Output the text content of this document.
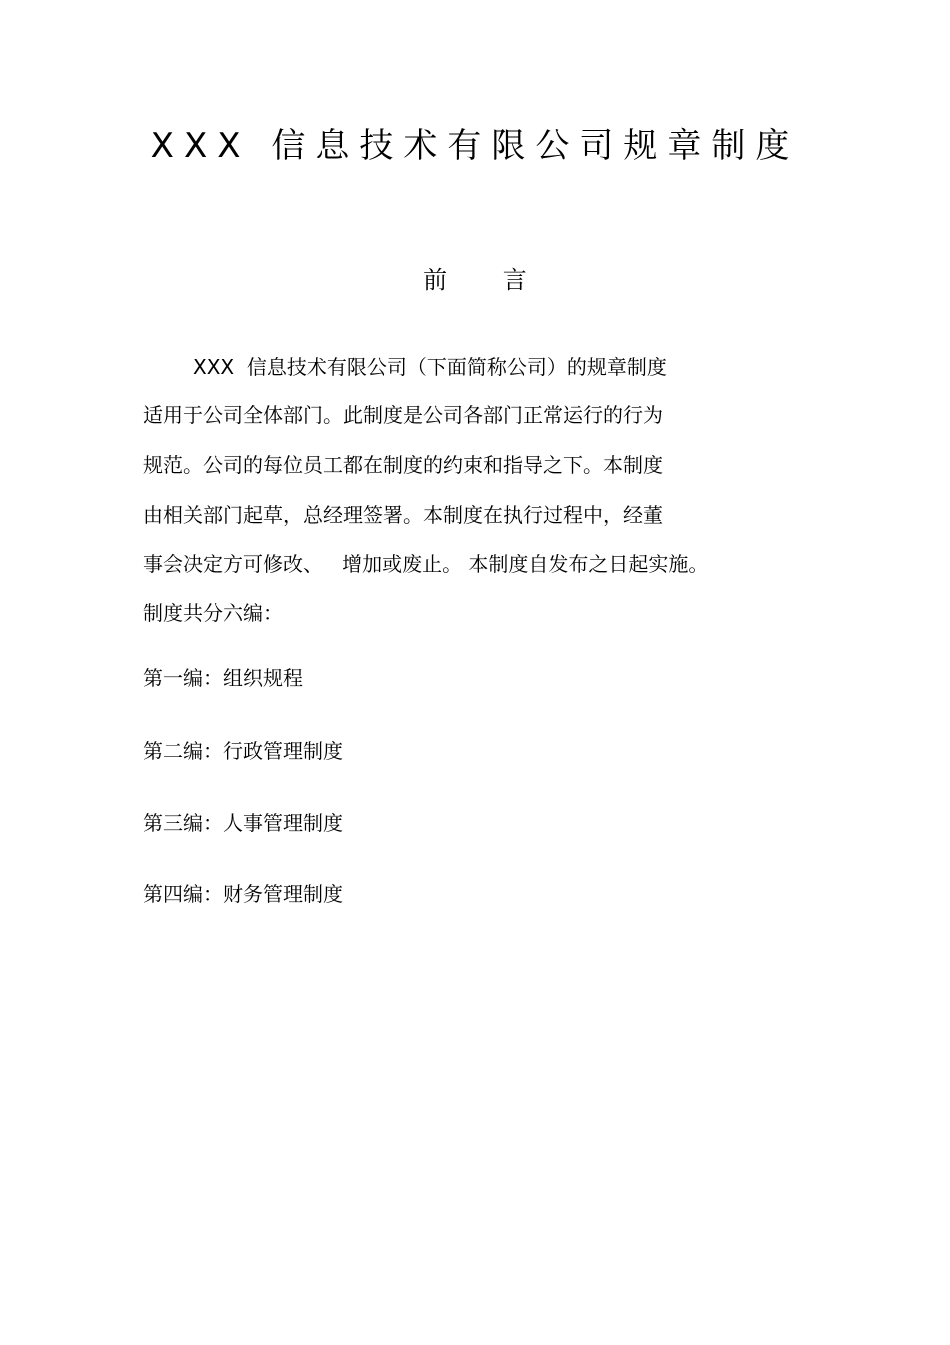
XXX 信息技术有限公司规章制度
前 言
XXX  信息技术有限公司（下面简称公司）的规章制度
适用于公司全体部门。此制度是公司各部门正常运行的行为
规范。公司的每位员工都在制度的约束和指导之下。本制度
由相关部门起草，总经理签署。本制度在执行过程中，经董
事会决定方可修改、   增加或废止。 本制度自发布之日起实施。
制度共分六编：
第一编：组织规程
第二编：行政管理制度
第三编：人事管理制度
第四编：财务管理制度
